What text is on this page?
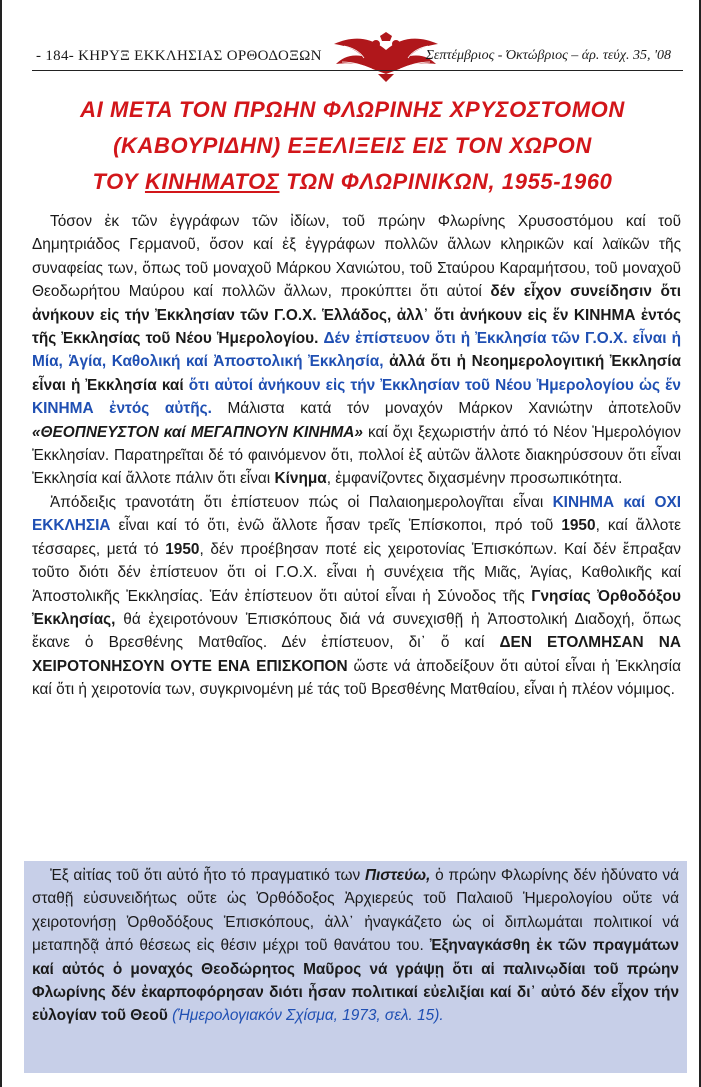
- 184- ΚΗΡΥΞ ΕΚΚΛΗΣΙΑΣ ΟΡΘΟΔΟΞΩΝ	Σεπτέμβριος - Όκτώβριος – άρ. τεύχ. 35, '08
ΑΙ ΜΕΤΑ ΤΟΝ ΠΡΩΗΝ ΦΛΩΡΙΝΗΣ ΧΡΥΣΟΣΤΟΜΟΝ
(ΚΑΒΟΥΡΙΔΗΝ) ΕΞΕΛΙΞΕΙΣ ΕΙΣ ΤΟΝ ΧΩΡΟΝ
ΤΟΥ ΚΙΝΗΜΑΤΟΣ ΤΩΝ ΦΛΩΡΙΝΙΚΩΝ, 1955-1960

Τόσον ἐκ τῶν ἐγγράφων τῶν ἰδίων, τοῦ πρώην Φλωρίνης Χρυσοστόμου καί τοῦ Δημητριάδος Γερμανοῦ, ὅσον καί ἐξ ἐγγράφων πολλῶν ἄλλων κληρικῶν καί λαϊκῶν τῆς συναφείας των, ὅπως τοῦ μοναχοῦ Μάρκου Χανιώτου, τοῦ Σταύρου Καραμήτσου, τοῦ μοναχοῦ Θεοδωρήτου Μαύρου καί πολλῶν ἄλλων, προκύπτει ὅτι αὐτοί δέν εἶχον συνείδησιν ὅτι ἀνήκουν εἰς τήν Ἐκκλησίαν τῶν Γ.Ο.Χ. Ἑλλάδος, ἀλλ᾽ ὅτι ἀνήκουν εἰς ἕν ΚΙΝΗΜΑ ἐντός τῆς Ἐκκλησίας τοῦ Νέου Ἡμερολογίου. Δέν ἐπίστευον ὅτι ἡ Ἐκκλησία τῶν Γ.Ο.Χ. εἶναι ἡ Μία, Ἁγία, Καθολική καί Ἀποστολική Ἐκκλησία, ἀλλά ὅτι ἡ Νεοημερολογιτική Ἐκκλησία εἶναι ἡ Ἐκκλησία καί ὅτι αὐτοί ἀνήκουν εἰς τήν Ἐκκλησίαν τοῦ Νέου Ἡμερολογίου ὡς ἕν ΚΙΝΗΜΑ ἐντός αὐτῆς. Μάλιστα κατά τόν μοναχόν Μάρκον Χανιώτην ἀποτελοῦν «ΘΕΟΠΝΕΥΣΤΟΝ καί ΜΕΓΑΠΝΟΥΝ ΚΙΝΗΜΑ» καί ὄχι ξεχωριστήν ἀπό τό Νέον Ἡμερολόγιον Ἐκκλησίαν. Παρατηρεῖται δέ τό φαινόμενον ὅτι, πολλοί ἐξ αὐτῶν ἄλλοτε διακηρύσσουν ὅτι εἶναι Ἐκκλησία καί ἄλλοτε πάλιν ὅτι εἶναι Κίνημα, ἐμφανίζοντες διχασμένην προσωπικότητα.

Ἀπόδειξις τρανοτάτη ὅτι ἐπίστευον πώς οἱ Παλαιοημερολογῖται εἶναι ΚΙΝΗΜΑ καί ΟΧΙ ΕΚΚΛΗΣΙΑ εἶναι καί τό ὅτι, ἐνῶ ἄλλοτε ἦσαν τρεῖς Ἐπίσκοποι, πρό τοῦ 1950, καί ἄλλοτε τέσσαρες, μετά τό 1950, δέν προέβησαν ποτέ εἰς χειροτονίας Ἐπισκόπων. Καί δέν ἔπραξαν τοῦτο διότι δέν ἐπίστευον ὅτι οἱ Γ.Ο.Χ. εἶναι ἡ συνέχεια τῆς Μιᾶς, Ἁγίας, Καθολικῆς καί Ἀποστολικῆς Ἐκκλησίας. Ἐάν ἐπίστευον ὅτι αὐτοί εἶναι ἡ Σύνοδος τῆς Γνησίας Ὀρθοδόξου Ἐκκλησίας, θά ἐχειροτόνουν Ἐπισκόπους διά νά συνεχισθῇ ἡ Ἀποστολική Διαδοχή, ὅπως ἔκανε ὁ Βρεσθένης Ματθαῖος. Δέν ἐπίστευον, δι᾽ ὅ καί ΔΕΝ ΕΤΟΛΜΗΣΑΝ ΝΑ ΧΕΙΡΟΤΟΝΗΣΟΥΝ ΟΥΤΕ ΕΝΑ ΕΠΙΣΚΟΠΟΝ ὥστε νά ἀποδείξουν ὅτι αὐτοί εἶναι ἡ Ἐκκλησία καί ὅτι ἡ χειροτονία των, συγκρινομένη μέ τάς τοῦ Βρεσθένης Ματθαίου, εἶναι ἡ πλέον νόμιμος.

Ἐξ αἰτίας τοῦ ὅτι αὐτό ἦτο τό πραγματικό των Πιστεύω, ὁ πρώην Φλωρίνης δέν ἠδύνατο νά σταθῇ εὐσυνειδήτως οὔτε ὡς Ὀρθόδοξος Ἀρχιερεύς τοῦ Παλαιοῦ Ἡμερολογίου οὔτε νά χειροτονήσῃ Ὀρθοδόξους Ἐπισκόπους, ἀλλ᾽ ἠναγκάζετο ὡς οἱ διπλωμάται πολιτικοί νά μεταπηδᾷ ἀπό θέσεως εἰς θέσιν μέχρι τοῦ θανάτου του. Ἐξηναγκάσθη ἐκ τῶν πραγμάτων καί αὐτός ὁ μοναχός Θεοδώρητος Μαῦρος νά γράψῃ ὅτι αἱ παλινῳδίαι τοῦ πρώην Φλωρίνης δέν ἐκαρποφόρησαν διότι ἦσαν πολιτικαί εὐελιξίαι καί δι᾽ αὐτό δέν εἶχον τήν εὐλογίαν τοῦ Θεοῦ (Ἡμερολογιακόν Σχίσμα, 1973, σελ. 15).
